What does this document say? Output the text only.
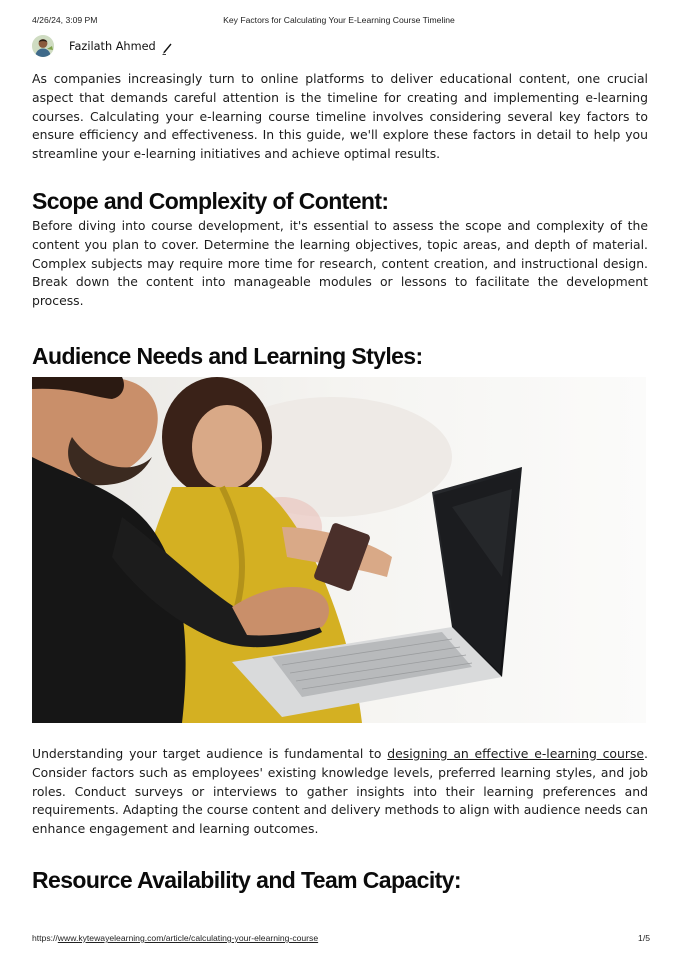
4/26/24, 3:09 PM	Key Factors for Calculating Your E-Learning Course Timeline
Fazilath Ahmed

As companies increasingly turn to online platforms to deliver educational content, one crucial aspect that demands careful attention is the timeline for creating and implementing e-learning courses. Calculating your e-learning course timeline involves considering several key factors to ensure efficiency and effectiveness. In this guide, we'll explore these factors in detail to help you streamline your e-learning initiatives and achieve optimal results.

Scope and Complexity of Content:

Before diving into course development, it's essential to assess the scope and complexity of the content you plan to cover. Determine the learning objectives, topic areas, and depth of material. Complex subjects may require more time for research, content creation, and instructional design. Break down the content into manageable modules or lessons to facilitate the development process.

Audience Needs and Learning Styles:

Understanding your target audience is fundamental to designing an effective e-learning course. Consider factors such as employees' existing knowledge levels, preferred learning styles, and job roles. Conduct surveys or interviews to gather insights into their learning preferences and requirements. Adapting the course content and delivery methods to align with audience needs can enhance engagement and learning outcomes.

Resource Availability and Team Capacity:
https://www.kytewayelearning.com/article/calculating-your-elearning-course	1/5
